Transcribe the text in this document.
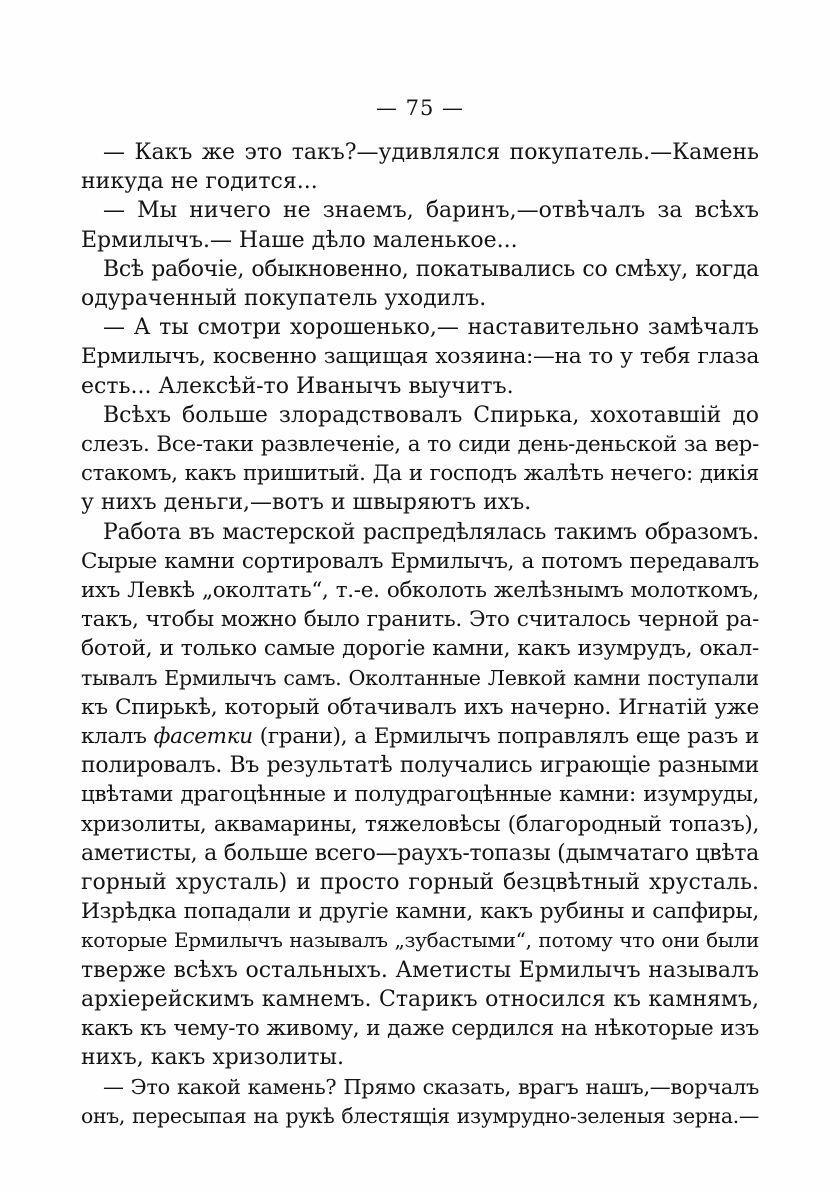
— 75 —
— Какъ же это такъ?—удивлялся покупатель.—Камень
никуда не годится...
— Мы ничего не знаемъ, баринъ,—отвѣчалъ за всѣхъ
Ермилычъ.— Наше дѣло маленькое...
Всѣ рабочіе, обыкновенно, покатывались со смѣху, когда
одураченный покупатель уходилъ.
— А ты смотри хорошенько,— наставительно замѣчалъ
Ермилычъ, косвенно защищая хозяина:—на то у тебя глаза
есть... Алексѣй-то Иванычъ выучитъ.
Всѣхъ больше злорадствовалъ Спирька, хохотавшій до
слезъ. Все-таки развлеченіе, а то сиди день-деньской за вер-
стакомъ, какъ пришитый. Да и господъ жалѣть нечего: дикія
у нихъ деньги,—вотъ и швыряютъ ихъ.
Работа въ мастерской распредѣлялась такимъ образомъ.
Сырые камни сортировалъ Ермилычъ, а потомъ передавалъ
ихъ Левкѣ „околтать“, т.-е. обколоть желѣзнымъ молоткомъ,
такъ, чтобы можно было гранить. Это считалось черной ра-
ботой, и только самые дорогіе камни, какъ изумрудъ, окал-
тывалъ Ермилычъ самъ. Околтанные Левкой камни поступали
къ Спирькѣ, который обтачивалъ ихъ начерно. Игнатій уже
клалъ фасетки (грани), а Ермилычъ поправлялъ еще разъ и
полировалъ. Въ результатѣ получались играющіе разными
цвѣтами драгоцѣнные и полудрагоцѣнные камни: изумруды,
хризолиты, аквамарины, тяжеловѣсы (благородный топазъ),
аметисты, а больше всего—раухъ-топазы (дымчатаго цвѣта
горный хрусталь) и просто горный безцвѣтный хрусталь.
Изрѣдка попадали и другіе камни, какъ рубины и сапфиры,
которые Ермилычъ называлъ „зубастыми“, потому что они были
тверже всѣхъ остальныхъ. Аметисты Ермилычъ называлъ
архіерейскимъ камнемъ. Старикъ относился къ камнямъ,
какъ къ чему-то живому, и даже сердился на нѣкоторые изъ
нихъ, какъ хризолиты.
— Это какой камень? Прямо сказать, врагъ нашъ,—ворчалъ
онъ, пересыпая на рукѣ блестящія изумрудно-зеленыя зерна.—
